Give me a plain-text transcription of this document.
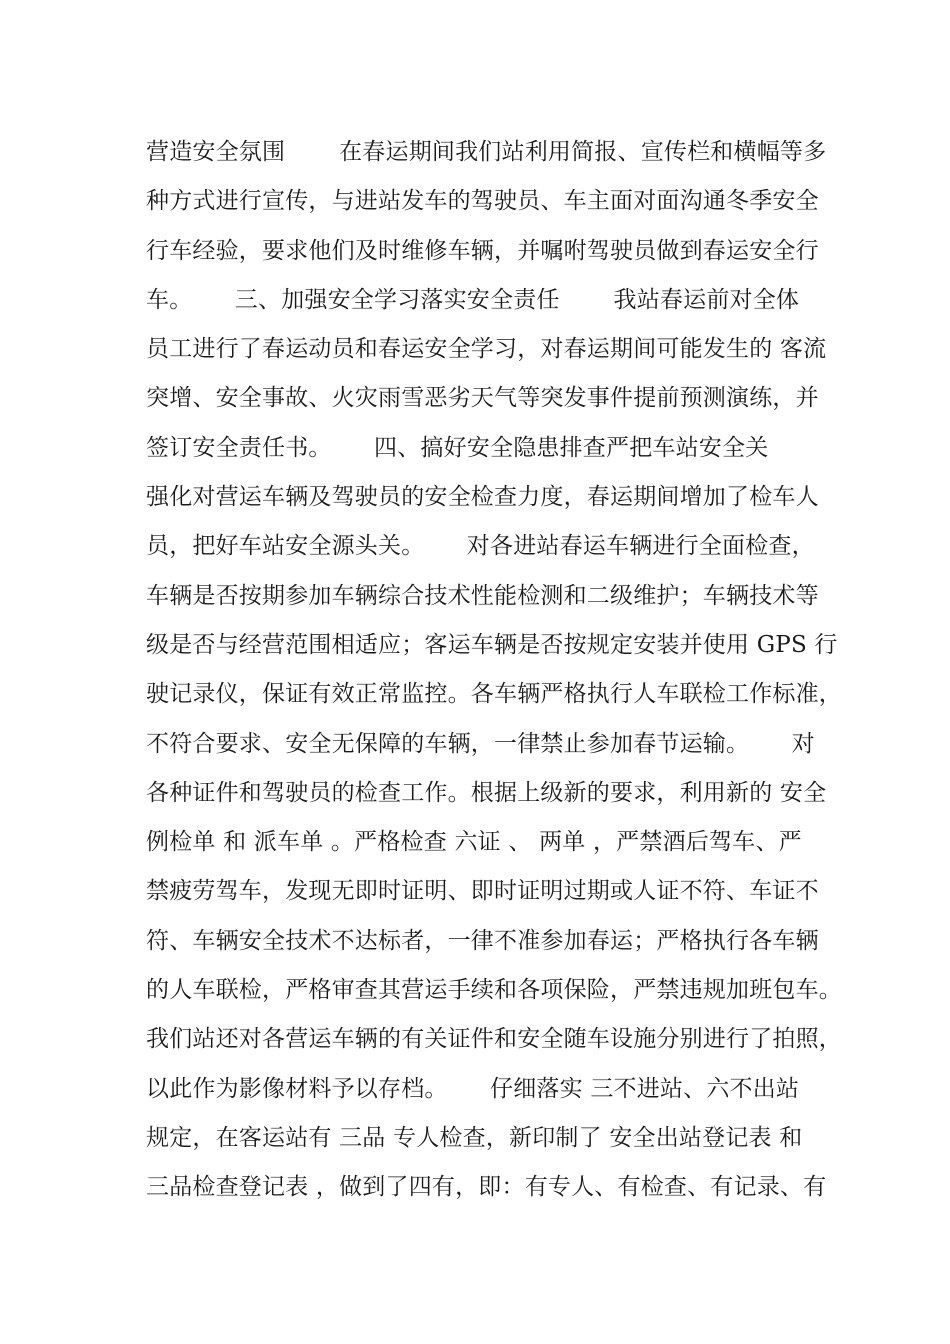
营造安全氛围　　 在春运期间我们站利用简报、宣传栏和横幅等多
种方式进行宣传，与进站发车的驾驶员、车主面对面沟通冬季安全
行车经验，要求他们及时维修车辆，并嘱咐驾驶员做到春运安全行
车。　　 三、加强安全学习落实安全责任　　 我站春运前对全体
员工进行了春运动员和春运安全学习，对春运期间可能发生的 客流
突增、安全事故、火灾雨雪恶劣天气等突发事件提前预测演练，并
签订安全责任书。　　 四、搞好安全隐患排查严把车站安全关
强化对营运车辆及驾驶员的安全检查力度，春运期间增加了检车人
员，把好车站安全源头关。　　 对各进站春运车辆进行全面检查，
车辆是否按期参加车辆综合技术性能检测和二级维护；车辆技术等
级是否与经营范围相适应；客运车辆是否按规定安装并使用 GPS 行
驶记录仪，保证有效正常监控。各车辆严格执行人车联检工作标准，
不符合要求、安全无保障的车辆，一律禁止参加春节运输。　　 对
各种证件和驾驶员的检查工作。根据上级新的要求，利用新的 安全
例检单 和 派车单 。严格检查 六证 、 两单 ，严禁酒后驾车、严
禁疲劳驾车，发现无即时证明、即时证明过期或人证不符、车证不
符、车辆安全技术不达标者，一律不准参加春运；严格执行各车辆
的人车联检，严格审查其营运手续和各项保险，严禁违规加班包车。
我们站还对各营运车辆的有关证件和安全随车设施分别进行了拍照，
以此作为影像材料予以存档。　　 仔细落实 三不进站、六不出站
规定，在客运站有 三品 专人检查，新印制了 安全出站登记表 和
三品检查登记表 ，做到了四有，即：有专人、有检查、有记录、有
